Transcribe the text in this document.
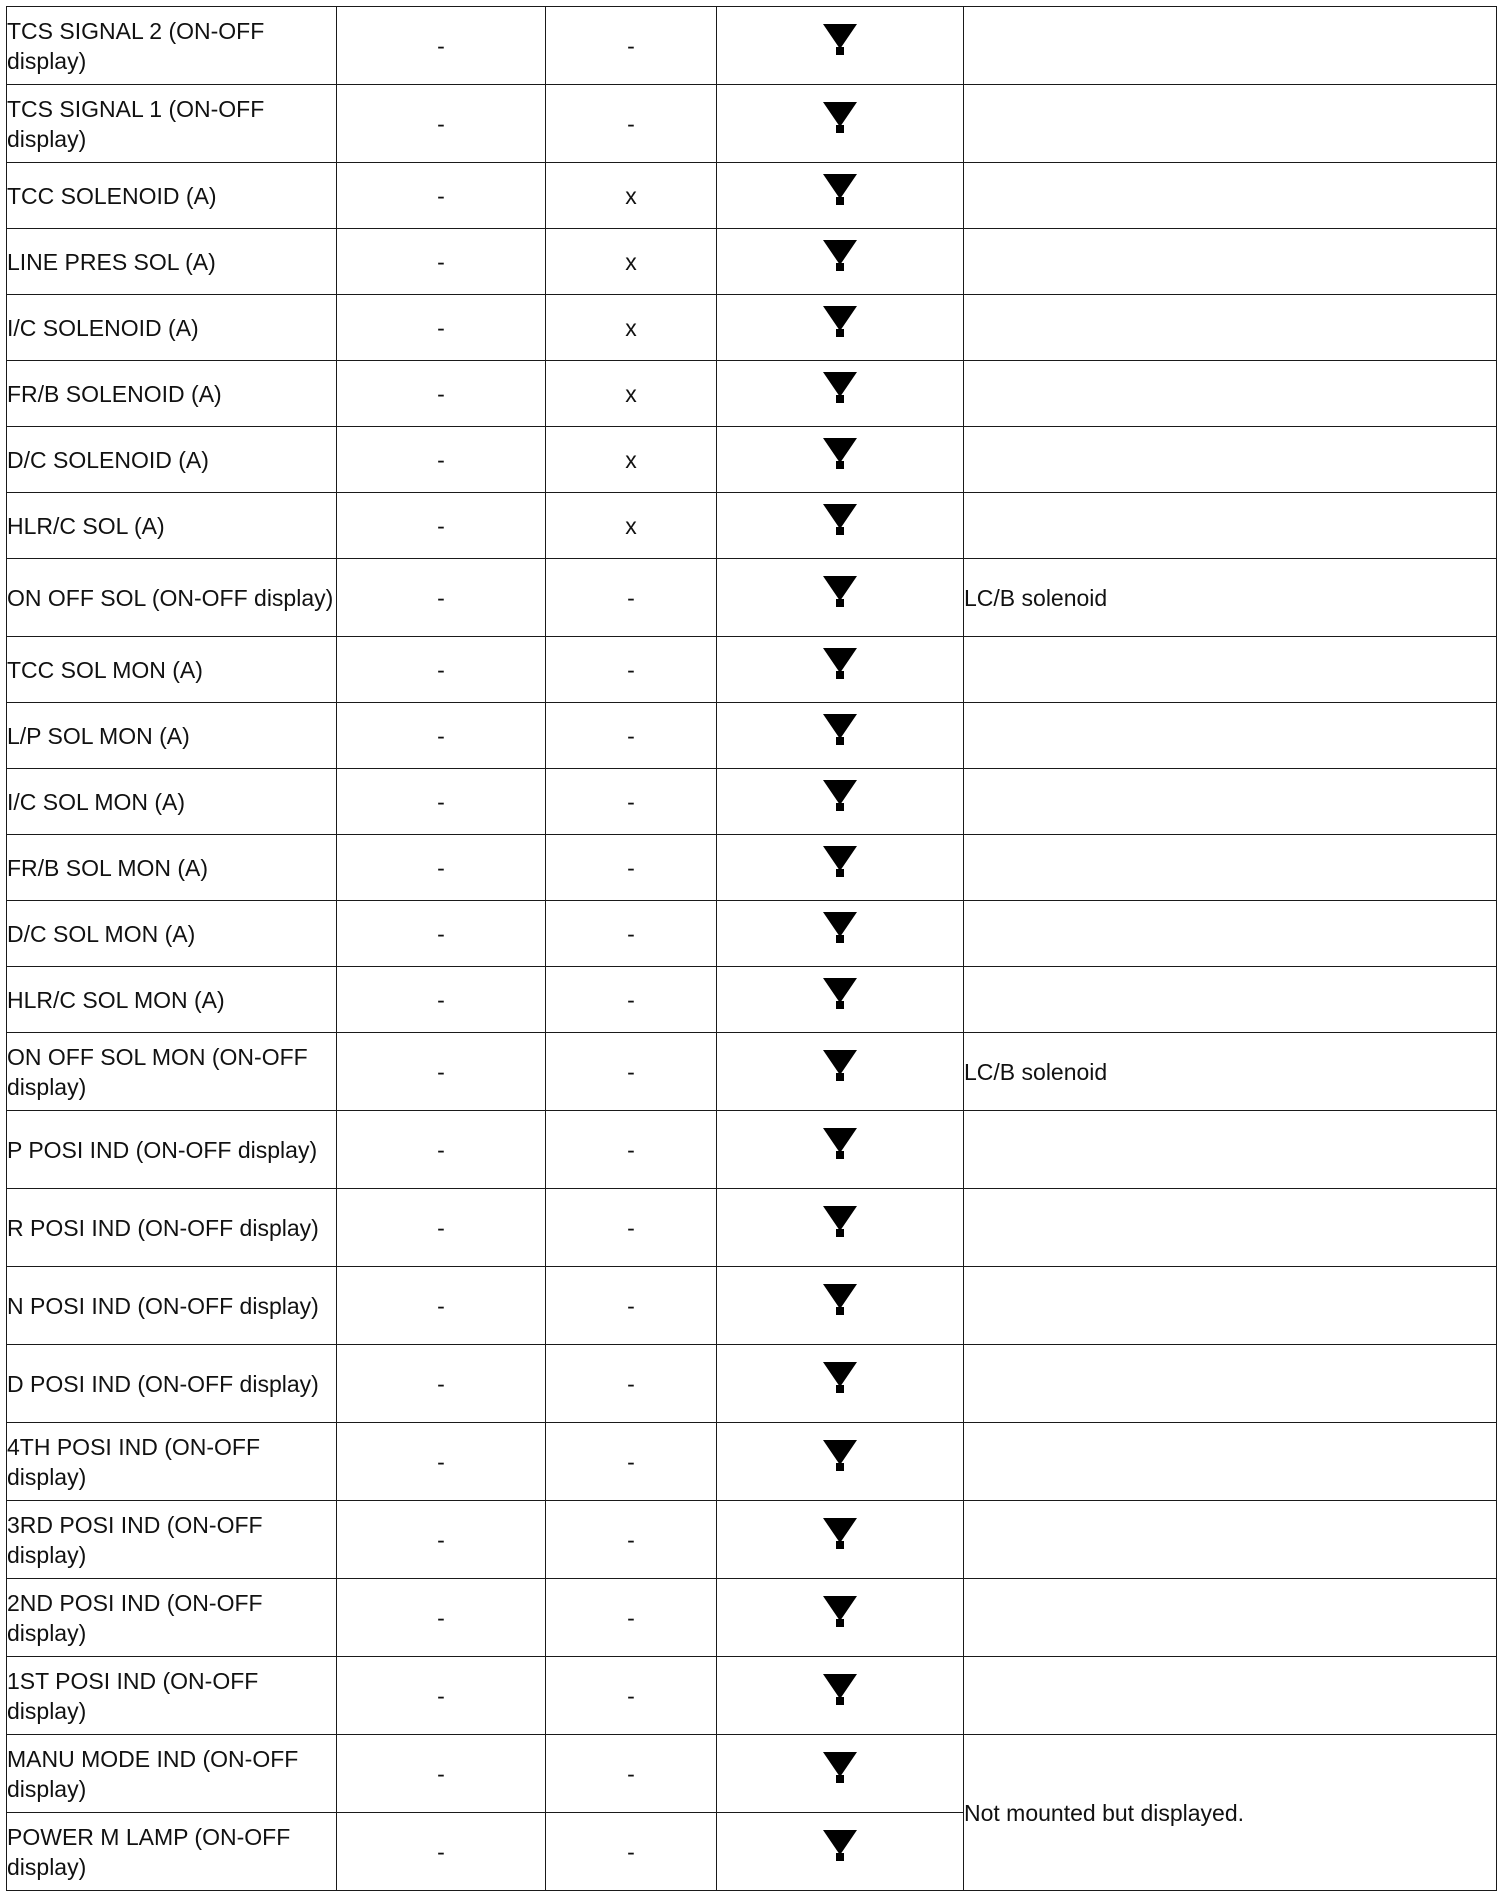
TCS SIGNAL 2 (ON-OFF display)	-	-		
TCS SIGNAL 1 (ON-OFF display)	-	-		
TCC SOLENOID (A)	-	x		
LINE PRES SOL (A)	-	x		
I/C SOLENOID (A)	-	x		
FR/B SOLENOID (A)	-	x		
D/C SOLENOID (A)	-	x		
HLR/C SOL (A)	-	x		
ON OFF SOL (ON-OFF display)	-	-		LC/B solenoid
TCC SOL MON (A)	-	-		
L/P SOL MON (A)	-	-		
I/C SOL MON (A)	-	-		
FR/B SOL MON (A)	-	-		
D/C SOL MON (A)	-	-		
HLR/C SOL MON (A)	-	-		
ON OFF SOL MON (ON-OFF display)	-	-		LC/B solenoid
P POSI IND (ON-OFF display)	-	-		
R POSI IND (ON-OFF display)	-	-		
N POSI IND (ON-OFF display)	-	-		
D POSI IND (ON-OFF display)	-	-		
4TH POSI IND (ON-OFF display)	-	-		
3RD POSI IND (ON-OFF display)	-	-		
2ND POSI IND (ON-OFF display)	-	-		
1ST POSI IND (ON-OFF display)	-	-		
MANU MODE IND (ON-OFF display)	-	-		Not mounted but displayed.
POWER M LAMP (ON-OFF display)	-	-		
